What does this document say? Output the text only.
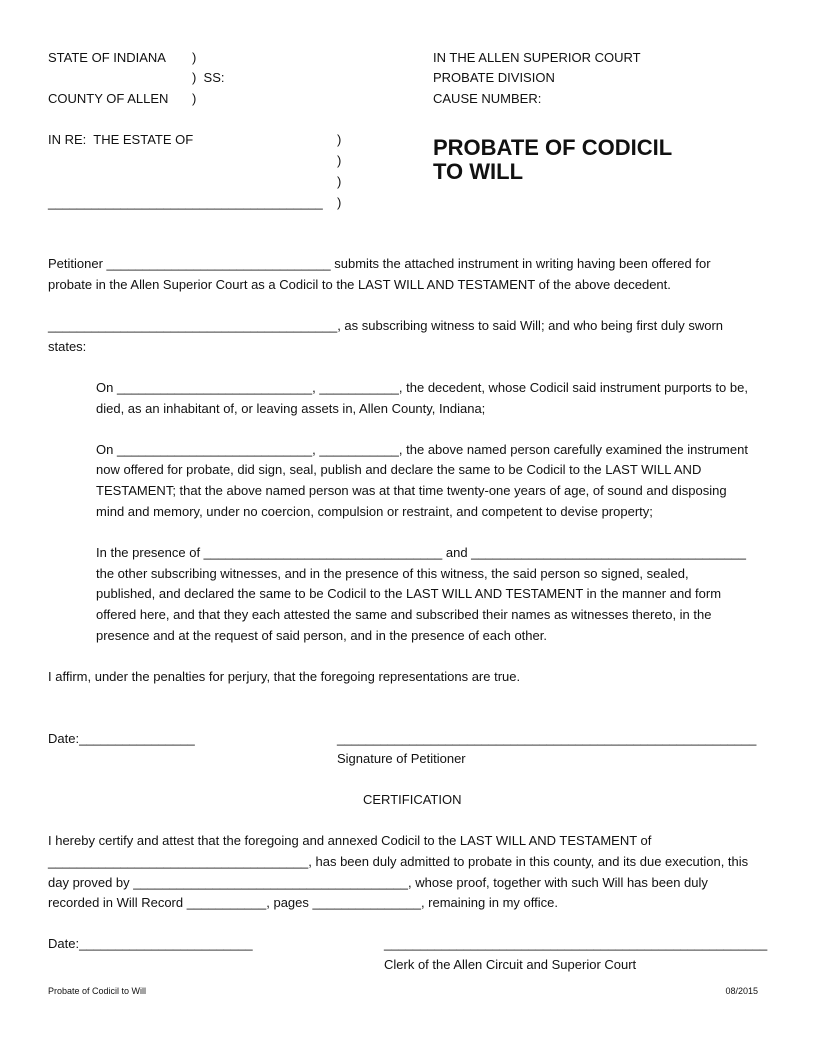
STATE OF INDIANA )
)  SS:
COUNTY OF ALLEN )
IN THE ALLEN SUPERIOR COURT
PROBATE DIVISION
CAUSE NUMBER:
IN RE:  THE ESTATE OF	)
)
)
______________________________________ )
PROBATE OF CODICIL
TO WILL
Petitioner _______________________________ submits the attached instrument in writing having been offered for
probate in the Allen Superior Court as a Codicil to the LAST WILL AND TESTAMENT of the above decedent.
________________________________________, as subscribing witness to said Will; and who being first duly sworn
states:
On ___________________________, ___________, the decedent, whose Codicil said instrument purports to be,
died, as an inhabitant of, or leaving assets in, Allen County, Indiana;
On ___________________________, ___________, the above named person carefully examined the instrument
now offered for probate, did sign, seal, publish and declare the same to be Codicil to the LAST WILL AND
TESTAMENT; that the above named person was at that time twenty-one years of age, of sound and disposing
mind and memory, under no coercion, compulsion or restraint, and competent to devise property;
In the presence of _________________________________ and ______________________________________
the other subscribing witnesses, and in the presence of this witness, the said person so signed, sealed,
published, and declared the same to be Codicil to the LAST WILL AND TESTAMENT in the manner and form
offered here, and that they each attested the same and subscribed their names as witnesses thereto, in the
presence and at the request of said person, and in the presence of each other.
I affirm, under the penalties for perjury, that the foregoing representations are true.
Date:________________	__________________________________________________________
Signature of Petitioner
CERTIFICATION
I hereby certify and attest that the foregoing and annexed Codicil to the LAST WILL AND TESTAMENT of
____________________________________, has been duly admitted to probate in this county, and its due execution, this
day proved by ______________________________________, whose proof, together with such Will has been duly
recorded in Will Record ___________, pages _______________, remaining in my office.
Date:________________________	_____________________________________________________
Clerk of the Allen Circuit and Superior Court
Probate of Codicil to Will	08/2015
